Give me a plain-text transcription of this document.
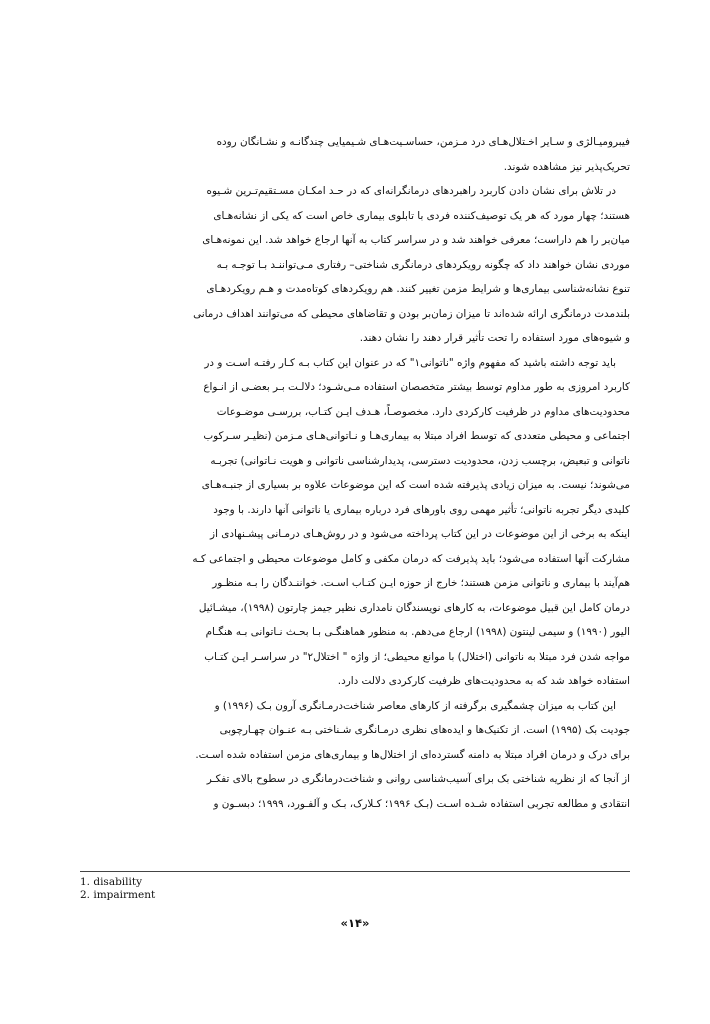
فیبرومیـالژی و سـایر اخـتلال‌هـای درد مـزمن، حساسـیت‌هـای شـیمیایی چندگانـه و نشـانگان روده
تحریک‌پذیر نیز مشاهده شوند.

در تلاش برای نشان دادن کاربرد راهبردهای درمانگرانه‌ای که در حـد امکـان مسـتقیم‌تـرین شـیوه
هستند؛ چهار مورد که هر یک توصیف‌کننده فردی با تابلوی بیماری خاص است که یکی از نشانه‌هـای
میان‌بر را هم داراست؛ معرفی خواهند شد و در سراسر کتاب به آنها ارجاع خواهد شد. این نمونه‌هـای
موردی نشان خواهند داد که چگونه رویکردهای درمانگری شناختی– رفتاری مـی‌تواننـد بـا توجـه بـه
تنوع نشانه‌شناسی بیماری‌ها و شرایط مزمن تغییر کنند. هم رویکردهای کوتاه‌مدت و هـم رویکردهـای
بلندمدت درمانگری ارائه شده‌اند تا میزان زمان‌بر بودن و تقاضاهای محیطی که می‌توانند اهداف درمانی
و شیوه‌های مورد استفاده را تحت تأثیر قرار دهند را نشان دهند.

باید توجه داشته باشید که مفهوم واژه "ناتوانی۱" که در عنوان این کتاب بـه کـار رفتـه اسـت و در
کاربرد امروزی به طور مداوم توسط بیشتر متخصصان استفاده مـی‌شـود؛ دلالـت بـر بعضـی از انـواع
محدودیت‌های مداوم در ظرفیت کارکردی دارد. مخصوصـاً، هـدف ایـن کتـاب، بررسـی موضـوعات
اجتماعی و محیطی متعددی که توسط افراد مبتلا به بیماری‌هـا و نـاتوانی‌هـای مـزمن (نظیـر سـرکوب
ناتوانی و تبعیض، برچسب زدن، محدودیت دسترسی، پدیدارشناسی ناتوانی و هویت نـاتوانی) تجربـه
می‌شوند؛ نیست. به میزان زیادی پذیرفته شده است که این موضوعات علاوه بر بسیاری از جنبـه‌هـای
کلیدی دیگر تجربه ناتوانی؛ تأثیر مهمی روی باورهای فرد درباره بیماری یا ناتوانی آنها دارند. با وجود
اینکه به برخی از این موضوعات در این کتاب پرداخته می‌شود و در روش‌هـای درمـانی پیشـنهادی از
مشارکت آنها استفاده می‌شود؛ باید پذیرفت که درمان مکفی و کامل موضوعات محیطی و اجتماعی کـه
هم‌آیند با بیماری و ناتوانی مزمن هستند؛ خارج از حوزه ایـن کتـاب اسـت. خواننـدگان را بـه منظـور
درمان کامل این قبیل موضوعات، به کارهای نویسندگان نامداری نظیر جیمز چارتون (۱۹۹۸)، میشـائیل
الیور (۱۹۹۰) و سیمی لینتون (۱۹۹۸) ارجاع می‌دهم. به منظور هماهنگـی بـا بحـث نـاتوانی بـه هنگـام
مواجه شدن فرد مبتلا به ناتوانی (اختلال) با موانع محیطی؛ از واژه " اختلال۲" در سراسـر ایـن کتـاب
استفاده خواهد شد که به محدودیت‌های ظرفیت کارکردی دلالت دارد.

این کتاب به میزان چشمگیری برگرفته از کارهای معاصر شناخت‌درمـانگری آرون بـک (۱۹۹۶) و
جودیت بک (۱۹۹۵) است. از تکنیک‌ها و ایده‌های نظری درمـانگری شـناختی بـه عنـوان چهـارچوبی
برای درک و درمان افراد مبتلا به دامنه گسترده‌ای از اختلال‌ها و بیماری‌های مزمن استفاده شده اسـت.
از آنجا که از نظریه شناختی بک برای آسیب‌شناسی روانی و شناخت‌درمانگری در سطوح بالای تفکـر
انتقادی و مطالعه تجربی استفاده شـده اسـت (بـک ۱۹۹۶؛ کـلارک، بـک و آلفـورد، ۱۹۹۹؛ دبسـون و

1. disability
2. impairment
«۱۴»
